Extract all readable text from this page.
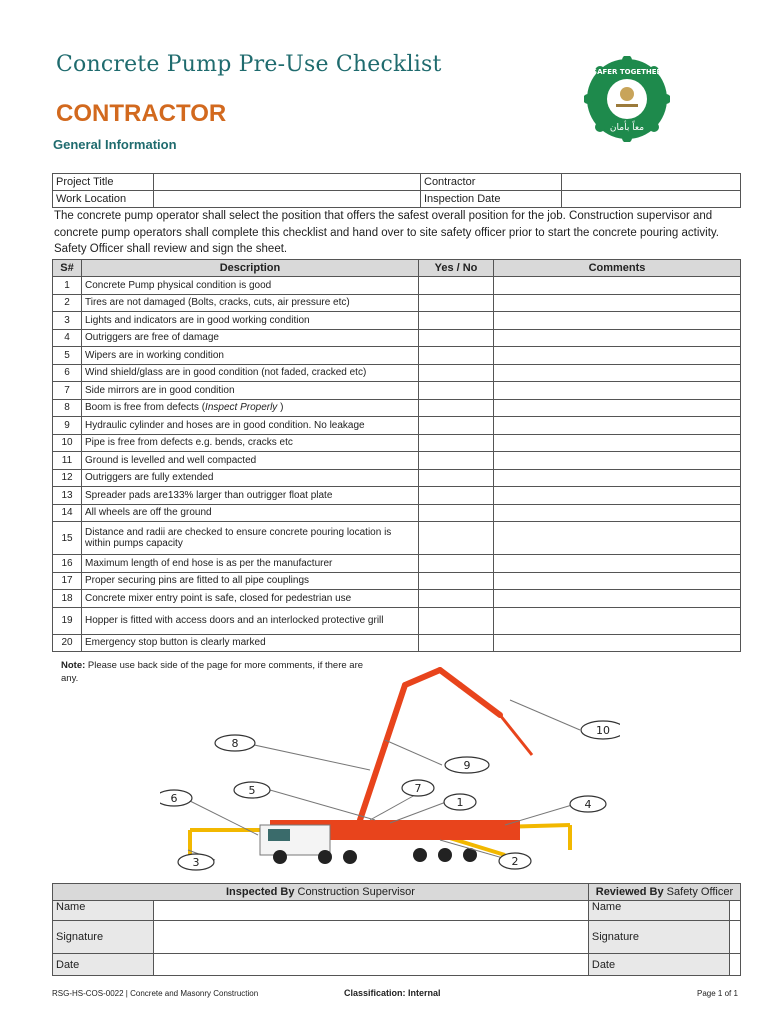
Concrete Pump Pre-Use Checklist
CONTRACTOR
General Information
SAFER TOGETHER
معاً بأمان
Project Title		Contractor	
Work Location		Inspection Date	
The concrete pump operator shall select the position that offers the safest overall position for the job. Construction supervisor and concrete pump operators shall complete this checklist and hand over to site safety officer prior to start the concrete pouring activity. Safety Officer shall review and sign the sheet.
S#	Description	Yes / No	Comments
1	Concrete Pump physical condition is good		
2	Tires are not damaged (Bolts, cracks, cuts, air pressure etc)		
3	Lights and indicators are in good working condition		
4	Outriggers are free of damage		
5	Wipers are in working condition		
6	Wind shield/glass are in good condition (not faded, cracked etc)		
7	Side mirrors are in good condition		
8	Boom is free from defects (Inspect Properly )		
9	Hydraulic cylinder and hoses are in good condition. No leakage		
10	Pipe is free from defects e.g. bends, cracks etc		
11	Ground is levelled and well compacted		
12	Outriggers are fully extended		
13	Spreader pads are133% larger than outrigger float plate		
14	All wheels are off the ground		
15	Distance and radii are checked to ensure concrete pouring location is within pumps capacity		
16	Maximum length of end hose is as per the manufacturer		
17	Proper securing pins are fitted to all pipe couplings		
18	Concrete mixer entry point is safe, closed for pedestrian use		
19	Hopper is fitted with access doors and an interlocked protective grill		
20	Emergency stop button is clearly marked		
Note: Please use back side of the page for more comments, if there are any.
1
2
3
4
5
6
7
8
9
10
Inspected By Construction Supervisor		Reviewed By Safety Officer	
Name		Name	
Signature		Signature	
Date		Date	
RSG-HS-COS-0022 | Concrete and Masonry Construction	Classification: Internal	Page 1 of 1
